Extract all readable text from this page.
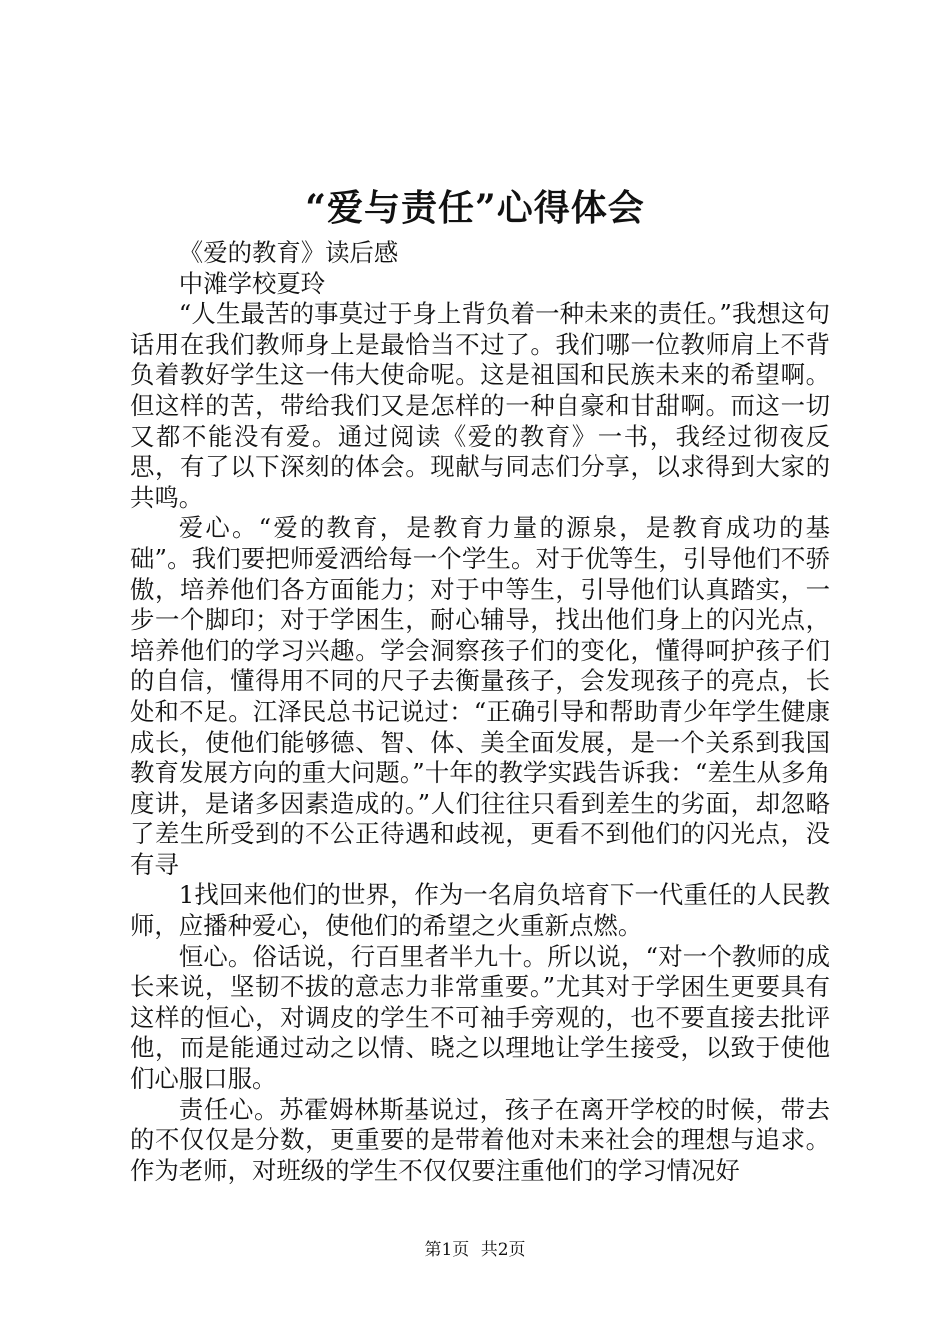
“爱与责任”心得体会

《爱的教育》读后感

中滩学校夏玲

“人生最苦的事莫过于身上背负着一种未来的责任。”我想这句话用在我们教师身上是最恰当不过了。我们哪一位教师肩上不背负着教好学生这一伟大使命呢。这是祖国和民族未来的希望啊。但这样的苦，带给我们又是怎样的一种自豪和甘甜啊。而这一切又都不能没有爱。通过阅读《爱的教育》一书，我经过彻夜反思，有了以下深刻的体会。现献与同志们分享，以求得到大家的共鸣。

爱心。“爱的教育，是教育力量的源泉，是教育成功的基础”。我们要把师爱洒给每一个学生。对于优等生，引导他们不骄傲，培养他们各方面能力；对于中等生，引导他们认真踏实，一步一个脚印；对于学困生，耐心辅导，找出他们身上的闪光点，培养他们的学习兴趣。学会洞察孩子们的变化，懂得呵护孩子们的自信，懂得用不同的尺子去衡量孩子，会发现孩子的亮点，长处和不足。江泽民总书记说过：“正确引导和帮助青少年学生健康成长，使他们能够德、智、体、美全面发展，是一个关系到我国教育发展方向的重大问题。”十年的教学实践告诉我：“差生从多角度讲，是诸多因素造成的。”人们往往只看到差生的劣面，却忽略了差生所受到的不公正待遇和歧视，更看不到他们的闪光点，没有寻

1找回来他们的世界，作为一名肩负培育下一代重任的人民教师，应播种爱心，使他们的希望之火重新点燃。

恒心。俗话说，行百里者半九十。所以说，“对一个教师的成长来说，坚韧不拔的意志力非常重要。”尤其对于学困生更要具有这样的恒心，对调皮的学生不可袖手旁观的，也不要直接去批评他，而是能通过动之以情、晓之以理地让学生接受，以致于使他们心服口服。

责任心。苏霍姆林斯基说过，孩子在离开学校的时候，带去的不仅仅是分数，更重要的是带着他对未来社会的理想与追求。作为老师，对班级的学生不仅仅要注重他们的学习情况好

第1页 共2页
